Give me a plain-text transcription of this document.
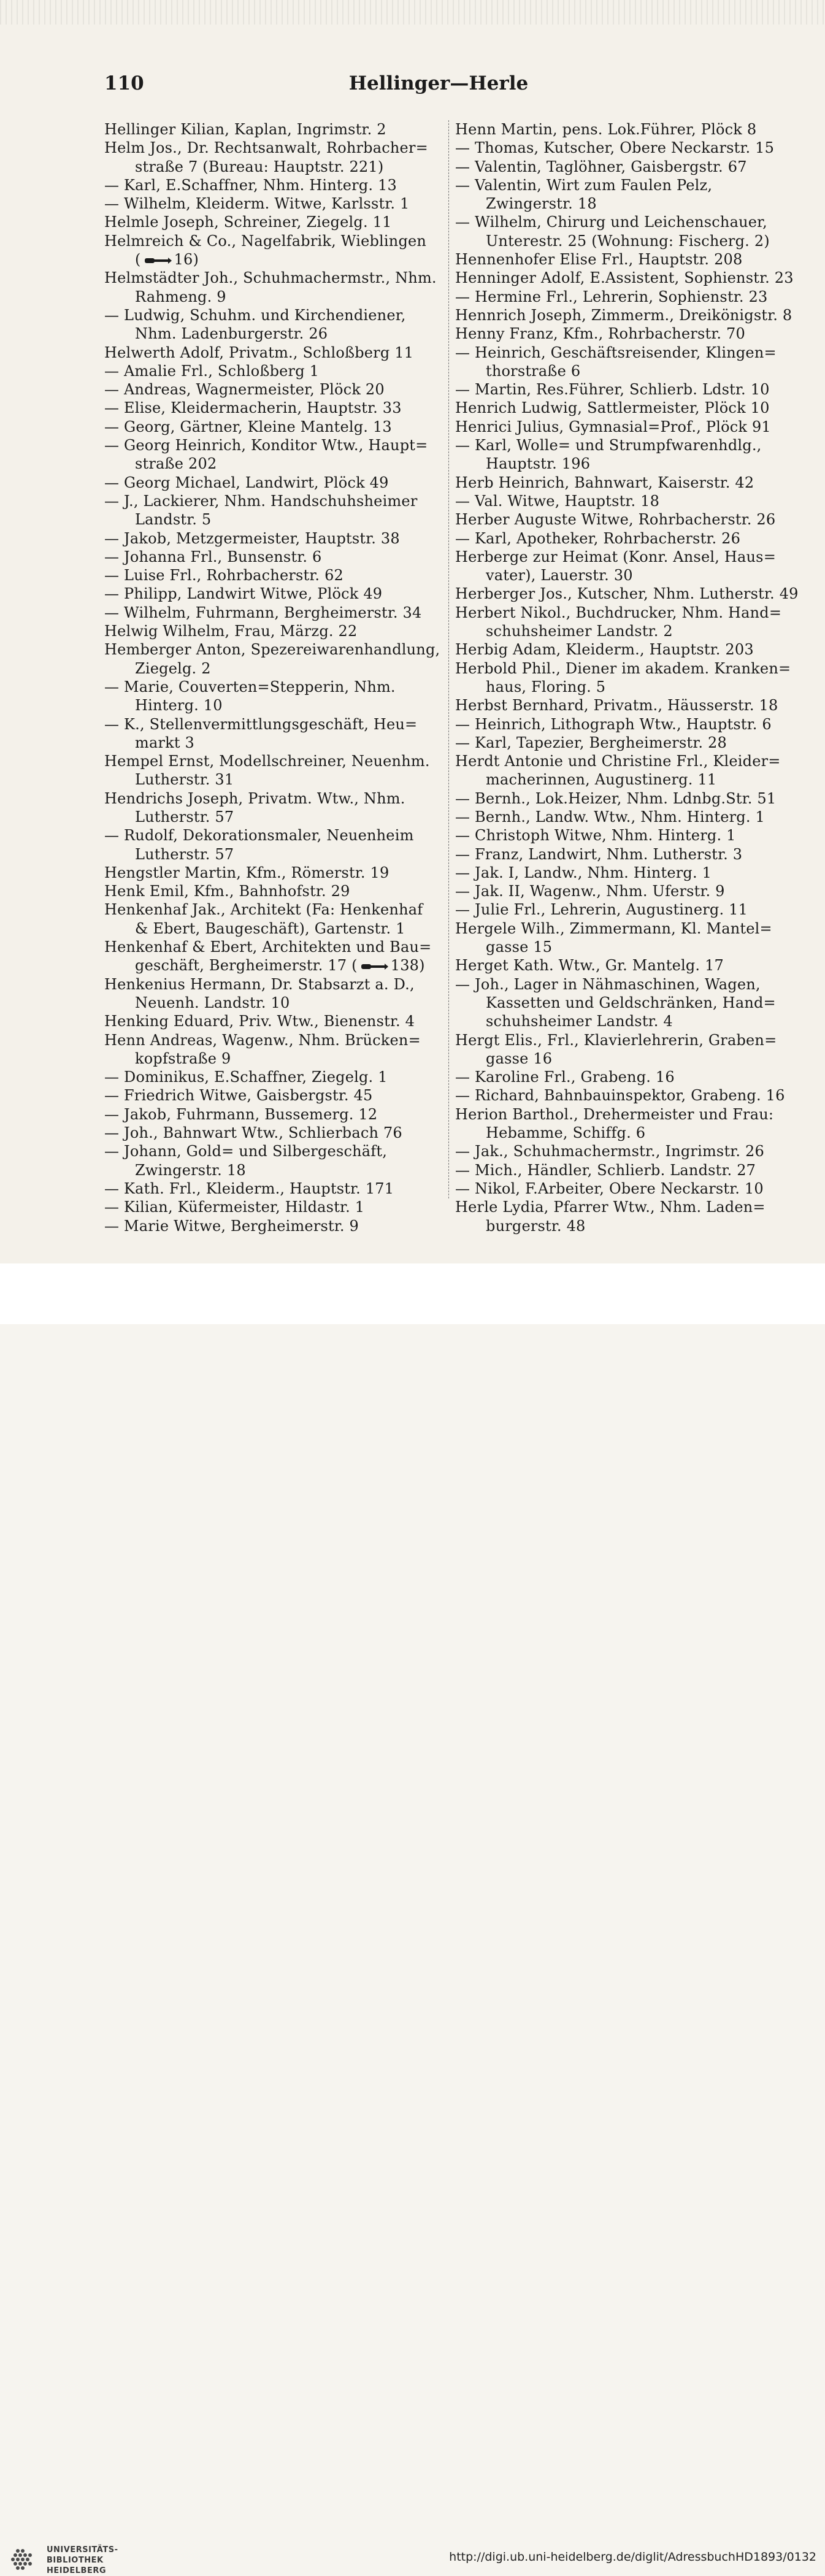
110	Hellinger—Herle
Hellinger Kilian, Kaplan, Ingrimstr. 2
Helm Jos., Dr. Rechtsanwalt, Rohrbacher=
straße 7 (Bureau: Hauptstr. 221)
— Karl, E.Schaffner, Nhm. Hinterg. 13
— Wilhelm, Kleiderm. Witwe, Karlsstr. 1
Helmle Joseph, Schreiner, Ziegelg. 11
Helmreich & Co., Nagelfabrik, Wieblingen
( 16)
Helmstädter Joh., Schuhmachermstr., Nhm.
Rahmeng. 9
— Ludwig, Schuhm. und Kirchendiener,
Nhm. Ladenburgerstr. 26
Helwerth Adolf, Privatm., Schloßberg 11
— Amalie Frl., Schloßberg 1
— Andreas, Wagnermeister, Plöck 20
— Elise, Kleidermacherin, Hauptstr. 33
— Georg, Gärtner, Kleine Mantelg. 13
— Georg Heinrich, Konditor Wtw., Haupt=
straße 202
— Georg Michael, Landwirt, Plöck 49
— J., Lackierer, Nhm. Handschuhsheimer
Landstr. 5
— Jakob, Metzgermeister, Hauptstr. 38
— Johanna Frl., Bunsenstr. 6
— Luise Frl., Rohrbacherstr. 62
— Philipp, Landwirt Witwe, Plöck 49
— Wilhelm, Fuhrmann, Bergheimerstr. 34
Helwig Wilhelm, Frau, Märzg. 22
Hemberger Anton, Spezereiwarenhandlung,
Ziegelg. 2
— Marie, Couverten=Stepperin, Nhm.
Hinterg. 10
— K., Stellenvermittlungsgeschäft, Heu=
markt 3
Hempel Ernst, Modellschreiner, Neuenhm.
Lutherstr. 31
Hendrichs Joseph, Privatm. Wtw., Nhm.
Lutherstr. 57
— Rudolf, Dekorationsmaler, Neuenheim
Lutherstr. 57
Hengstler Martin, Kfm., Römerstr. 19
Henk Emil, Kfm., Bahnhofstr. 29
Henkenhaf Jak., Architekt (Fa: Henkenhaf
& Ebert, Baugeschäft), Gartenstr. 1
Henkenhaf & Ebert, Architekten und Bau=
geschäft, Bergheimerstr. 17 ( 138)
Henkenius Hermann, Dr. Stabsarzt a. D.,
Neuenh. Landstr. 10
Henking Eduard, Priv. Wtw., Bienenstr. 4
Henn Andreas, Wagenw., Nhm. Brücken=
kopfstraße 9
— Dominikus, E.Schaffner, Ziegelg. 1
— Friedrich Witwe, Gaisbergstr. 45
— Jakob, Fuhrmann, Bussemerg. 12
— Joh., Bahnwart Wtw., Schlierbach 76
— Johann, Gold= und Silbergeschäft,
Zwingerstr. 18
— Kath. Frl., Kleiderm., Hauptstr. 171
— Kilian, Küfermeister, Hildastr. 1
— Marie Witwe, Bergheimerstr. 9
Henn Martin, pens. Lok.Führer, Plöck 8
— Thomas, Kutscher, Obere Neckarstr. 15
— Valentin, Taglöhner, Gaisbergstr. 67
— Valentin, Wirt zum Faulen Pelz,
Zwingerstr. 18
— Wilhelm, Chirurg und Leichenschauer,
Unterestr. 25 (Wohnung: Fischerg. 2)
Hennenhofer Elise Frl., Hauptstr. 208
Henninger Adolf, E.Assistent, Sophienstr. 23
— Hermine Frl., Lehrerin, Sophienstr. 23
Hennrich Joseph, Zimmerm., Dreikönigstr. 8
Henny Franz, Kfm., Rohrbacherstr. 70
— Heinrich, Geschäftsreisender, Klingen=
thorstraße 6
— Martin, Res.Führer, Schlierb. Ldstr. 10
Henrich Ludwig, Sattlermeister, Plöck 10
Henrici Julius, Gymnasial=Prof., Plöck 91
— Karl, Wolle= und Strumpfwarenhdlg.,
Hauptstr. 196
Herb Heinrich, Bahnwart, Kaiserstr. 42
— Val. Witwe, Hauptstr. 18
Herber Auguste Witwe, Rohrbacherstr. 26
— Karl, Apotheker, Rohrbacherstr. 26
Herberge zur Heimat (Konr. Ansel, Haus=
vater), Lauerstr. 30
Herberger Jos., Kutscher, Nhm. Lutherstr. 49
Herbert Nikol., Buchdrucker, Nhm. Hand=
schuhsheimer Landstr. 2
Herbig Adam, Kleiderm., Hauptstr. 203
Herbold Phil., Diener im akadem. Kranken=
haus, Floring. 5
Herbst Bernhard, Privatm., Häusserstr. 18
— Heinrich, Lithograph Wtw., Hauptstr. 6
— Karl, Tapezier, Bergheimerstr. 28
Herdt Antonie und Christine Frl., Kleider=
macherinnen, Augustinerg. 11
— Bernh., Lok.Heizer, Nhm. Ldnbg.Str. 51
— Bernh., Landw. Wtw., Nhm. Hinterg. 1
— Christoph Witwe, Nhm. Hinterg. 1
— Franz, Landwirt, Nhm. Lutherstr. 3
— Jak. I, Landw., Nhm. Hinterg. 1
— Jak. II, Wagenw., Nhm. Uferstr. 9
— Julie Frl., Lehrerin, Augustinerg. 11
Hergele Wilh., Zimmermann, Kl. Mantel=
gasse 15
Herget Kath. Wtw., Gr. Mantelg. 17
— Joh., Lager in Nähmaschinen, Wagen,
Kassetten und Geldschränken, Hand=
schuhsheimer Landstr. 4
Hergt Elis., Frl., Klavierlehrerin, Graben=
gasse 16
— Karoline Frl., Grabeng. 16
— Richard, Bahnbauinspektor, Grabeng. 16
Herion Barthol., Drehermeister und Frau:
Hebamme, Schiffg. 6
— Jak., Schuhmachermstr., Ingrimstr. 26
— Mich., Händler, Schlierb. Landstr. 27
— Nikol, F.Arbeiter, Obere Neckarstr. 10
Herle Lydia, Pfarrer Wtw., Nhm. Laden=
burgerstr. 48
UNIVERSITÄTS-
BIBLIOTHEK
HEIDELBERG
http://digi.ub.uni-heidelberg.de/diglit/AdressbuchHD1893/0132
